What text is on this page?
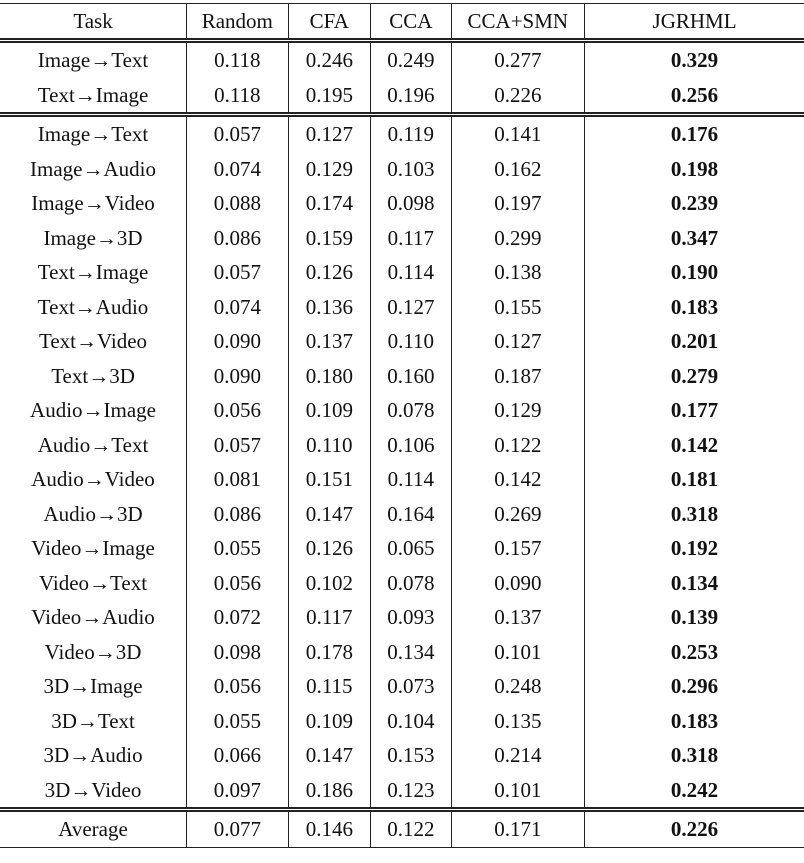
Task	Random	CFA	CCA	CCA+SMN	JGRHML
Image→Text	0.118	0.246	0.249	0.277	0.329
Text→Image	0.118	0.195	0.196	0.226	0.256
Image→Text	0.057	0.127	0.119	0.141	0.176
Image→Audio	0.074	0.129	0.103	0.162	0.198
Image→Video	0.088	0.174	0.098	0.197	0.239
Image→3D	0.086	0.159	0.117	0.299	0.347
Text→Image	0.057	0.126	0.114	0.138	0.190
Text→Audio	0.074	0.136	0.127	0.155	0.183
Text→Video	0.090	0.137	0.110	0.127	0.201
Text→3D	0.090	0.180	0.160	0.187	0.279
Audio→Image	0.056	0.109	0.078	0.129	0.177
Audio→Text	0.057	0.110	0.106	0.122	0.142
Audio→Video	0.081	0.151	0.114	0.142	0.181
Audio→3D	0.086	0.147	0.164	0.269	0.318
Video→Image	0.055	0.126	0.065	0.157	0.192
Video→Text	0.056	0.102	0.078	0.090	0.134
Video→Audio	0.072	0.117	0.093	0.137	0.139
Video→3D	0.098	0.178	0.134	0.101	0.253
3D→Image	0.056	0.115	0.073	0.248	0.296
3D→Text	0.055	0.109	0.104	0.135	0.183
3D→Audio	0.066	0.147	0.153	0.214	0.318
3D→Video	0.097	0.186	0.123	0.101	0.242
Average	0.077	0.146	0.122	0.171	0.226
